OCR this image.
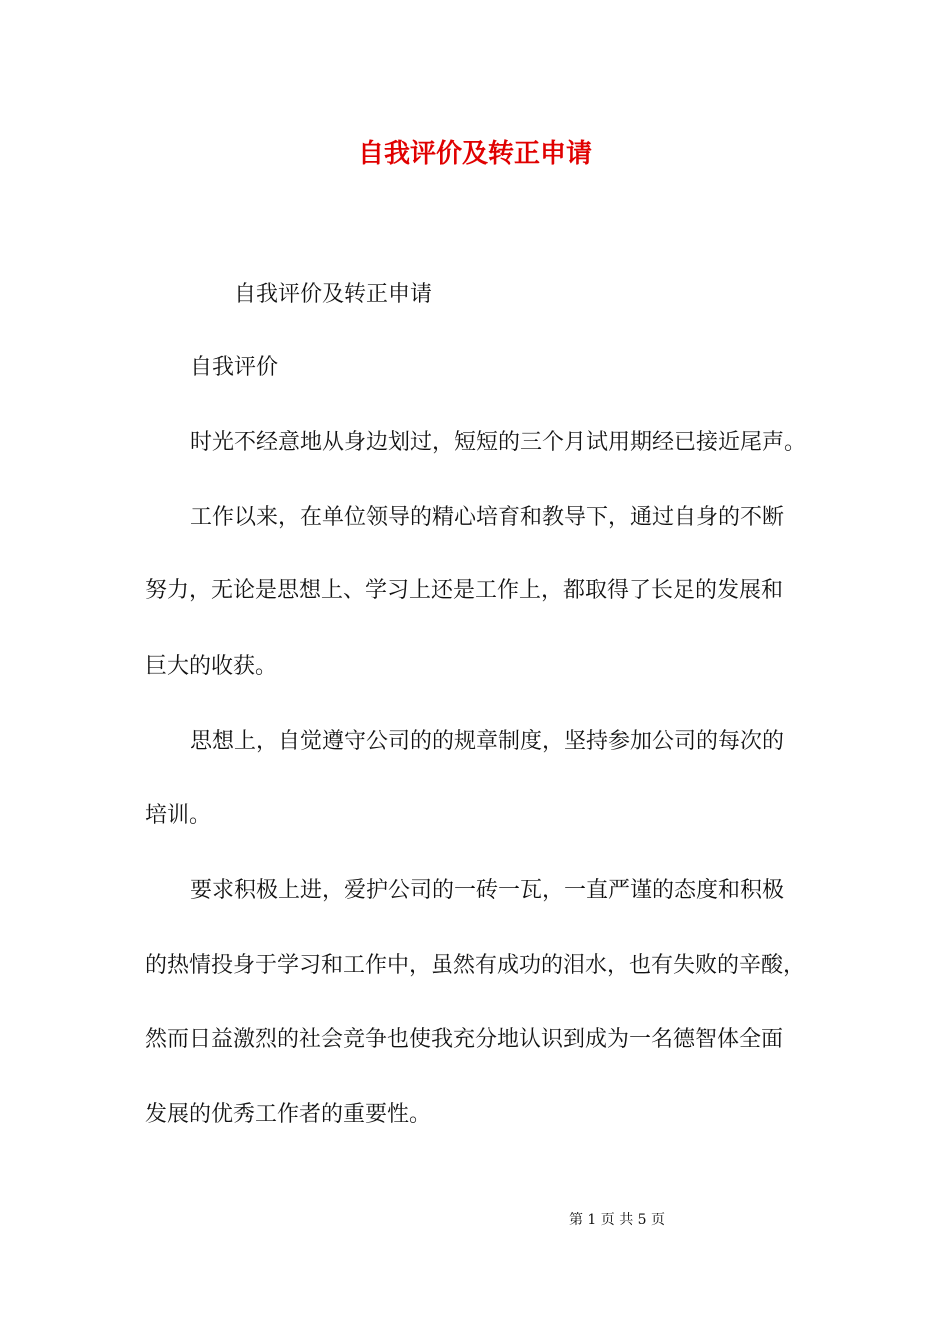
自我评价及转正申请
自我评价及转正申请
自我评价
时光不经意地从身边划过，短短的三个月试用期经已接近尾声。
工作以来，在单位领导的精心培育和教导下，通过自身的不断
努力，无论是思想上、学习上还是工作上，都取得了长足的发展和
巨大的收获。
思想上，自觉遵守公司的的规章制度，坚持参加公司的每次的
培训。
要求积极上进，爱护公司的一砖一瓦，一直严谨的态度和积极
的热情投身于学习和工作中，虽然有成功的泪水，也有失败的辛酸，
然而日益激烈的社会竞争也使我充分地认识到成为一名德智体全面
发展的优秀工作者的重要性。
第 1 页 共 5 页
